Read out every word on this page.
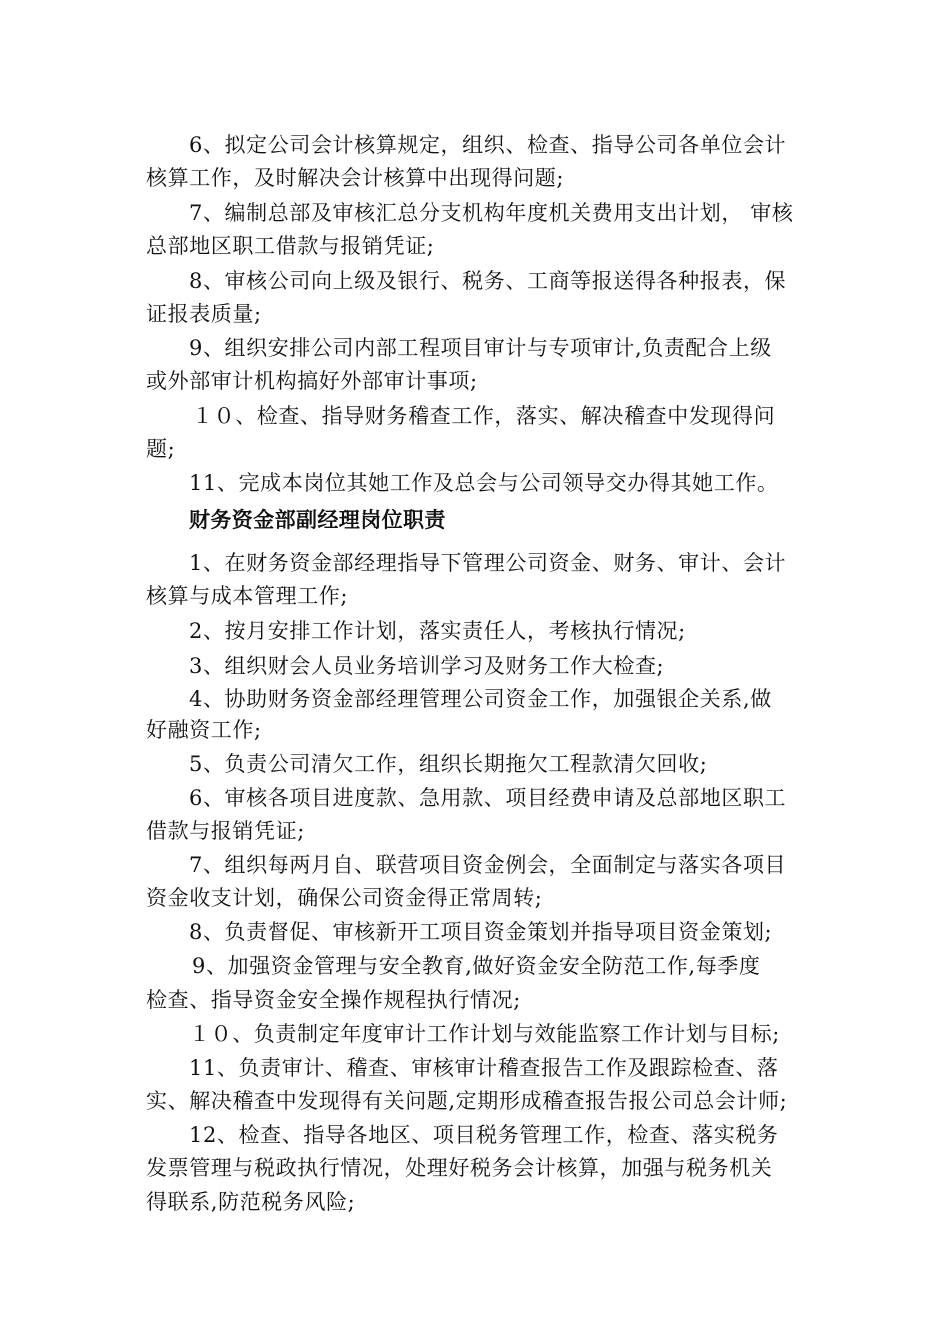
6、拟定公司会计核算规定，组织、检查、指导公司各单位会计
核算工作，及时解决会计核算中出现得问题;
7、编制总部及审核汇总分支机构年度机关费用支出计划， 审核
总部地区职工借款与报销凭证;
8、审核公司向上级及银行、税务、工商等报送得各种报表，保
证报表质量;
9、组织安排公司内部工程项目审计与专项审计,负责配合上级
或外部审计机构搞好外部审计事项;
１０、检查、指导财务稽查工作，落实、解决稽查中发现得问
题;
11、完成本岗位其她工作及总会与公司领导交办得其她工作。
财务资金部副经理岗位职责
1、在财务资金部经理指导下管理公司资金、财务、审计、会计
核算与成本管理工作;
2、按月安排工作计划，落实责任人，考核执行情况;
3、组织财会人员业务培训学习及财务工作大检查;
4、协助财务资金部经理管理公司资金工作，加强银企关系,做
好融资工作;
5、负责公司清欠工作，组织长期拖欠工程款清欠回收;
6、审核各项目进度款、急用款、项目经费申请及总部地区职工
借款与报销凭证;
7、组织每两月自、联营项目资金例会，全面制定与落实各项目
资金收支计划，确保公司资金得正常周转;
8、负责督促、审核新开工项目资金策划并指导项目资金策划;
9、加强资金管理与安全教育,做好资金安全防范工作,每季度
检查、指导资金安全操作规程执行情况;
１０、负责制定年度审计工作计划与效能监察工作计划与目标;
11、负责审计、稽查、审核审计稽查报告工作及跟踪检查、落
实、解决稽查中发现得有关问题,定期形成稽查报告报公司总会计师;
12、检查、指导各地区、项目税务管理工作，检查、落实税务
发票管理与税政执行情况，处理好税务会计核算，加强与税务机关
得联系,防范税务风险;
